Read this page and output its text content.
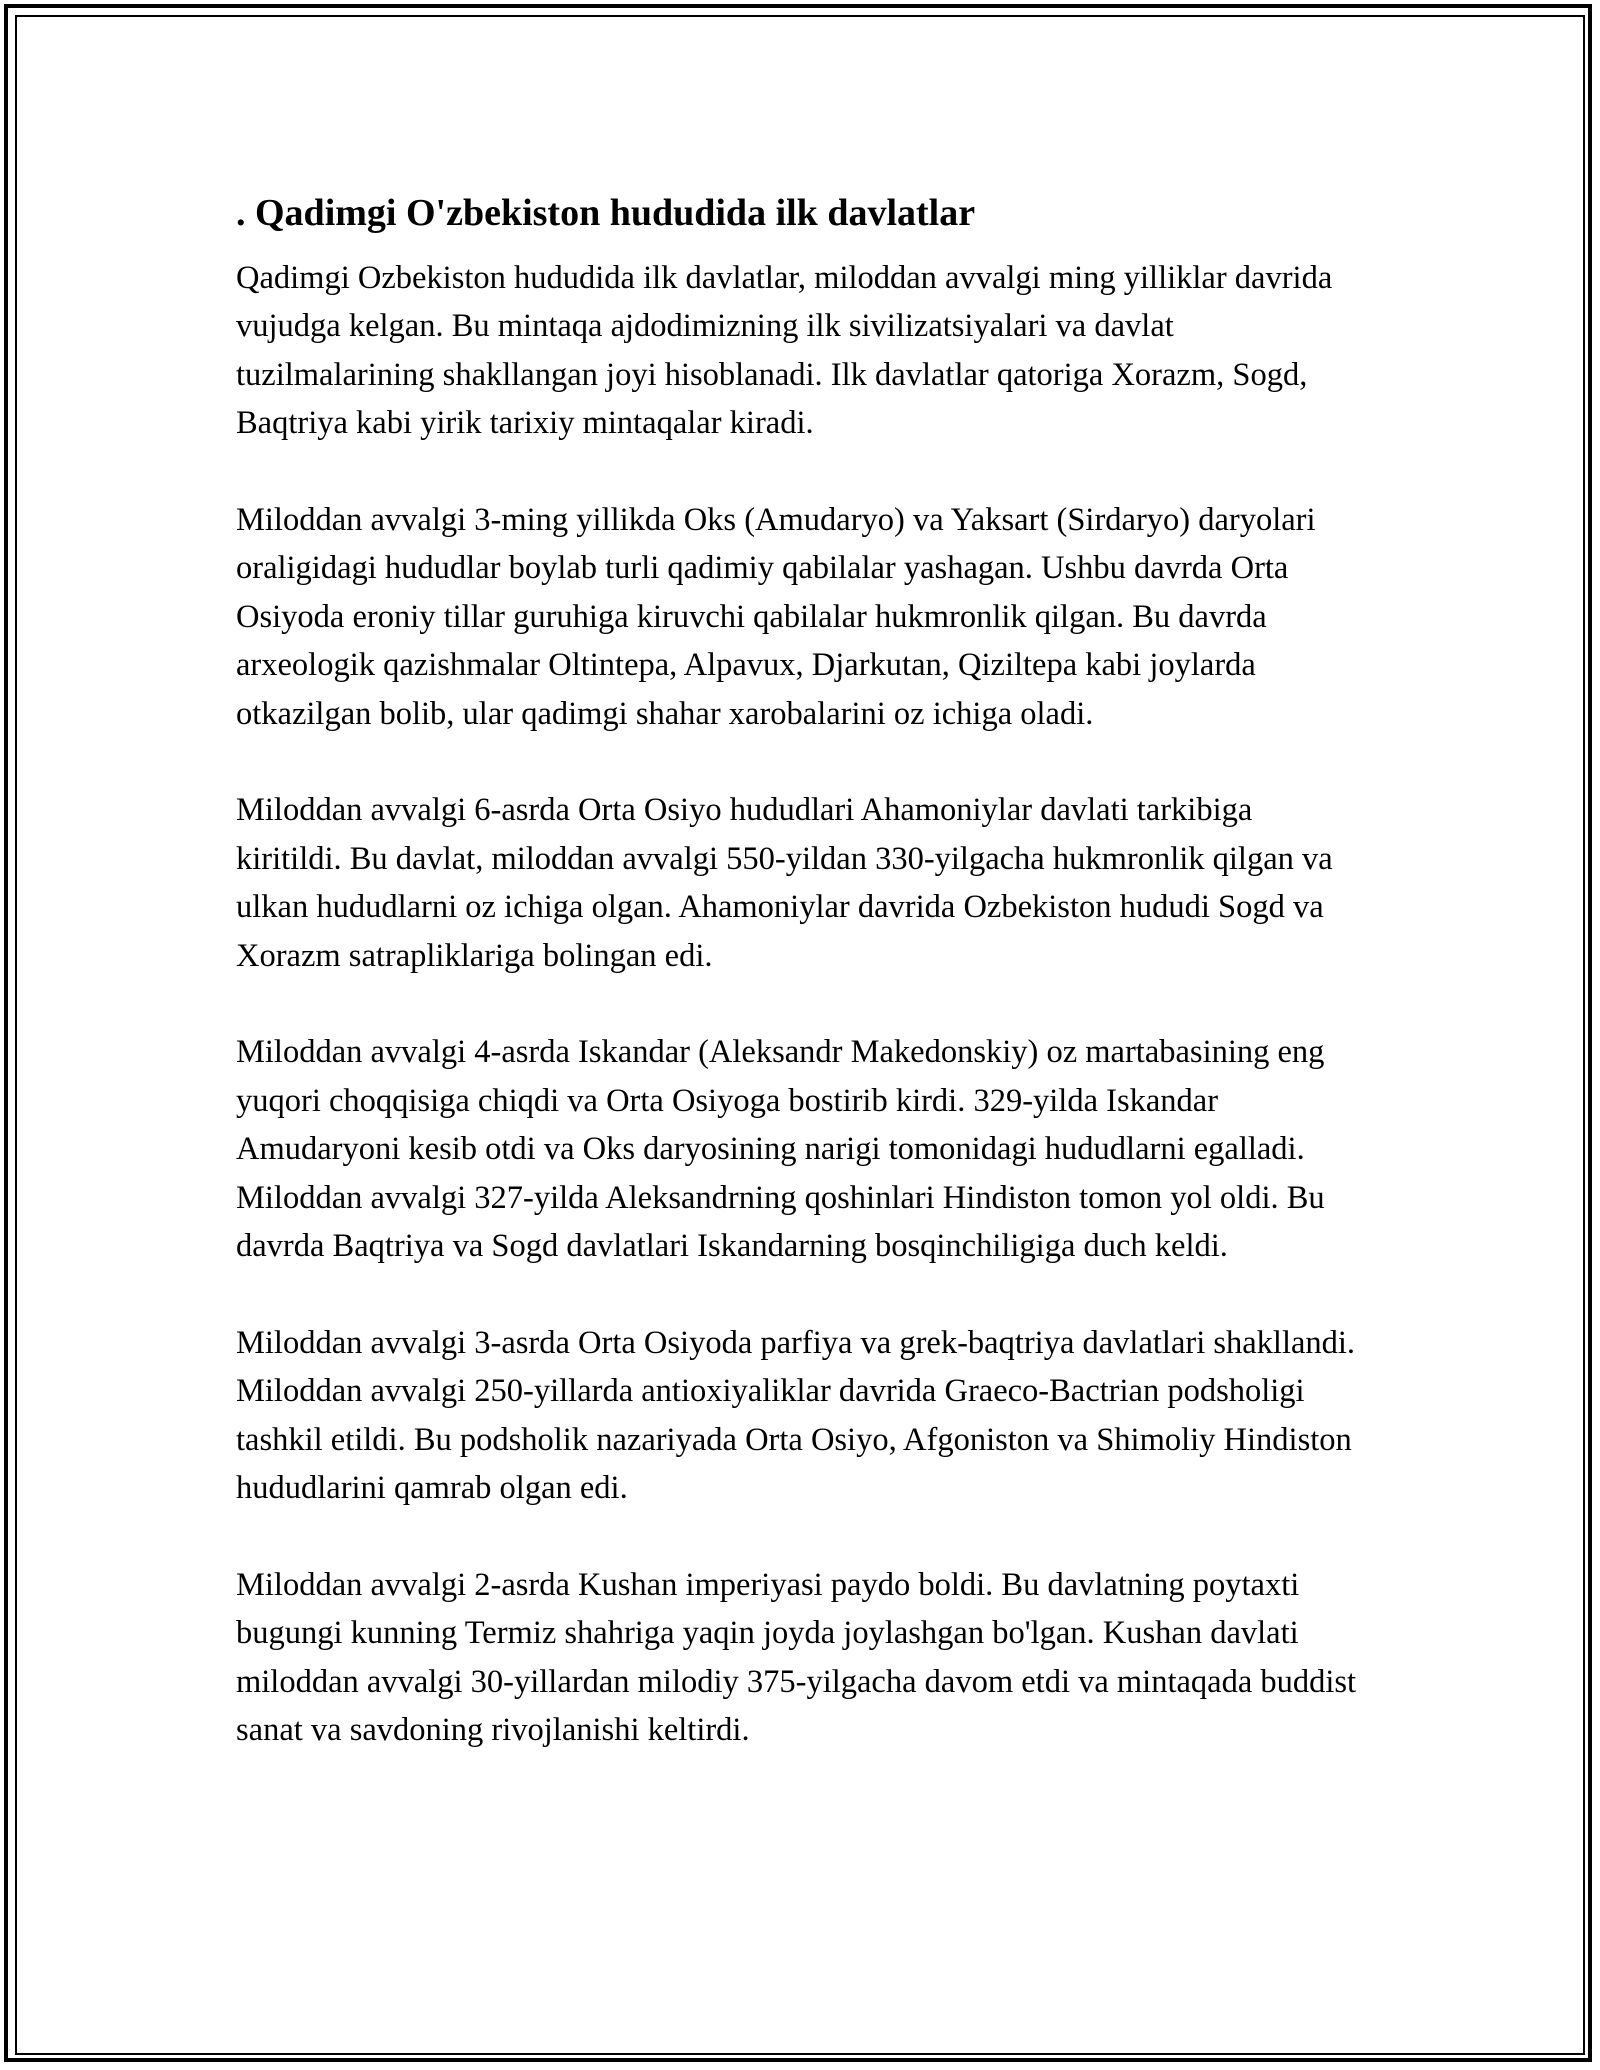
. Qadimgi O'zbekiston hududida ilk davlatlar

Qadimgi Ozbekiston hududida ilk davlatlar, miloddan avvalgi ming yilliklar davrida vujudga kelgan. Bu mintaqa ajdodimizning ilk sivilizatsiyalari va davlat tuzilmalarining shakllangan joyi hisoblanadi. Ilk davlatlar qatoriga Xorazm, Sogd, Baqtriya kabi yirik tarixiy mintaqalar kiradi.

Miloddan avvalgi 3-ming yillikda Oks (Amudaryo) va Yaksart (Sirdaryo) daryolari oraligidagi hududlar boylab turli qadimiy qabilalar yashagan. Ushbu davrda Orta Osiyoda eroniy tillar guruhiga kiruvchi qabilalar hukmronlik qilgan. Bu davrda arxeologik qazishmalar Oltintepa, Alpavux, Djarkutan, Qiziltepa kabi joylarda otkazilgan bolib, ular qadimgi shahar xarobalarini oz ichiga oladi.

Miloddan avvalgi 6-asrda Orta Osiyo hududlari Ahamoniylar davlati tarkibiga kiritildi. Bu davlat, miloddan avvalgi 550-yildan 330-yilgacha hukmronlik qilgan va ulkan hududlarni oz ichiga olgan. Ahamoniylar davrida Ozbekiston hududi Sogd va Xorazm satrapliklariga bolingan edi.

Miloddan avvalgi 4-asrda Iskandar (Aleksandr Makedonskiy) oz martabasining eng yuqori choqqisiga chiqdi va Orta Osiyoga bostirib kirdi. 329-yilda Iskandar Amudaryoni kesib otdi va Oks daryosining narigi tomonidagi hududlarni egalladi. Miloddan avvalgi 327-yilda Aleksandrning qoshinlari Hindiston tomon yol oldi. Bu davrda Baqtriya va Sogd davlatlari Iskandarning bosqinchiligiga duch keldi.

Miloddan avvalgi 3-asrda Orta Osiyoda parfiya va grek-baqtriya davlatlari shakllandi. Miloddan avvalgi 250-yillarda antioxiyaliklar davrida Graeco-Bactrian podsholigi tashkil etildi. Bu podsholik nazariyada Orta Osiyo, Afgoniston va Shimoliy Hindiston hududlarini qamrab olgan edi.

Miloddan avvalgi 2-asrda Kushan imperiyasi paydo boldi. Bu davlatning poytaxti bugungi kunning Termiz shahriga yaqin joyda joylashgan bo'lgan. Kushan davlati miloddan avvalgi 30-yillardan milodiy 375-yilgacha davom etdi va mintaqada buddist sanat va savdoning rivojlanishi keltirdi.
